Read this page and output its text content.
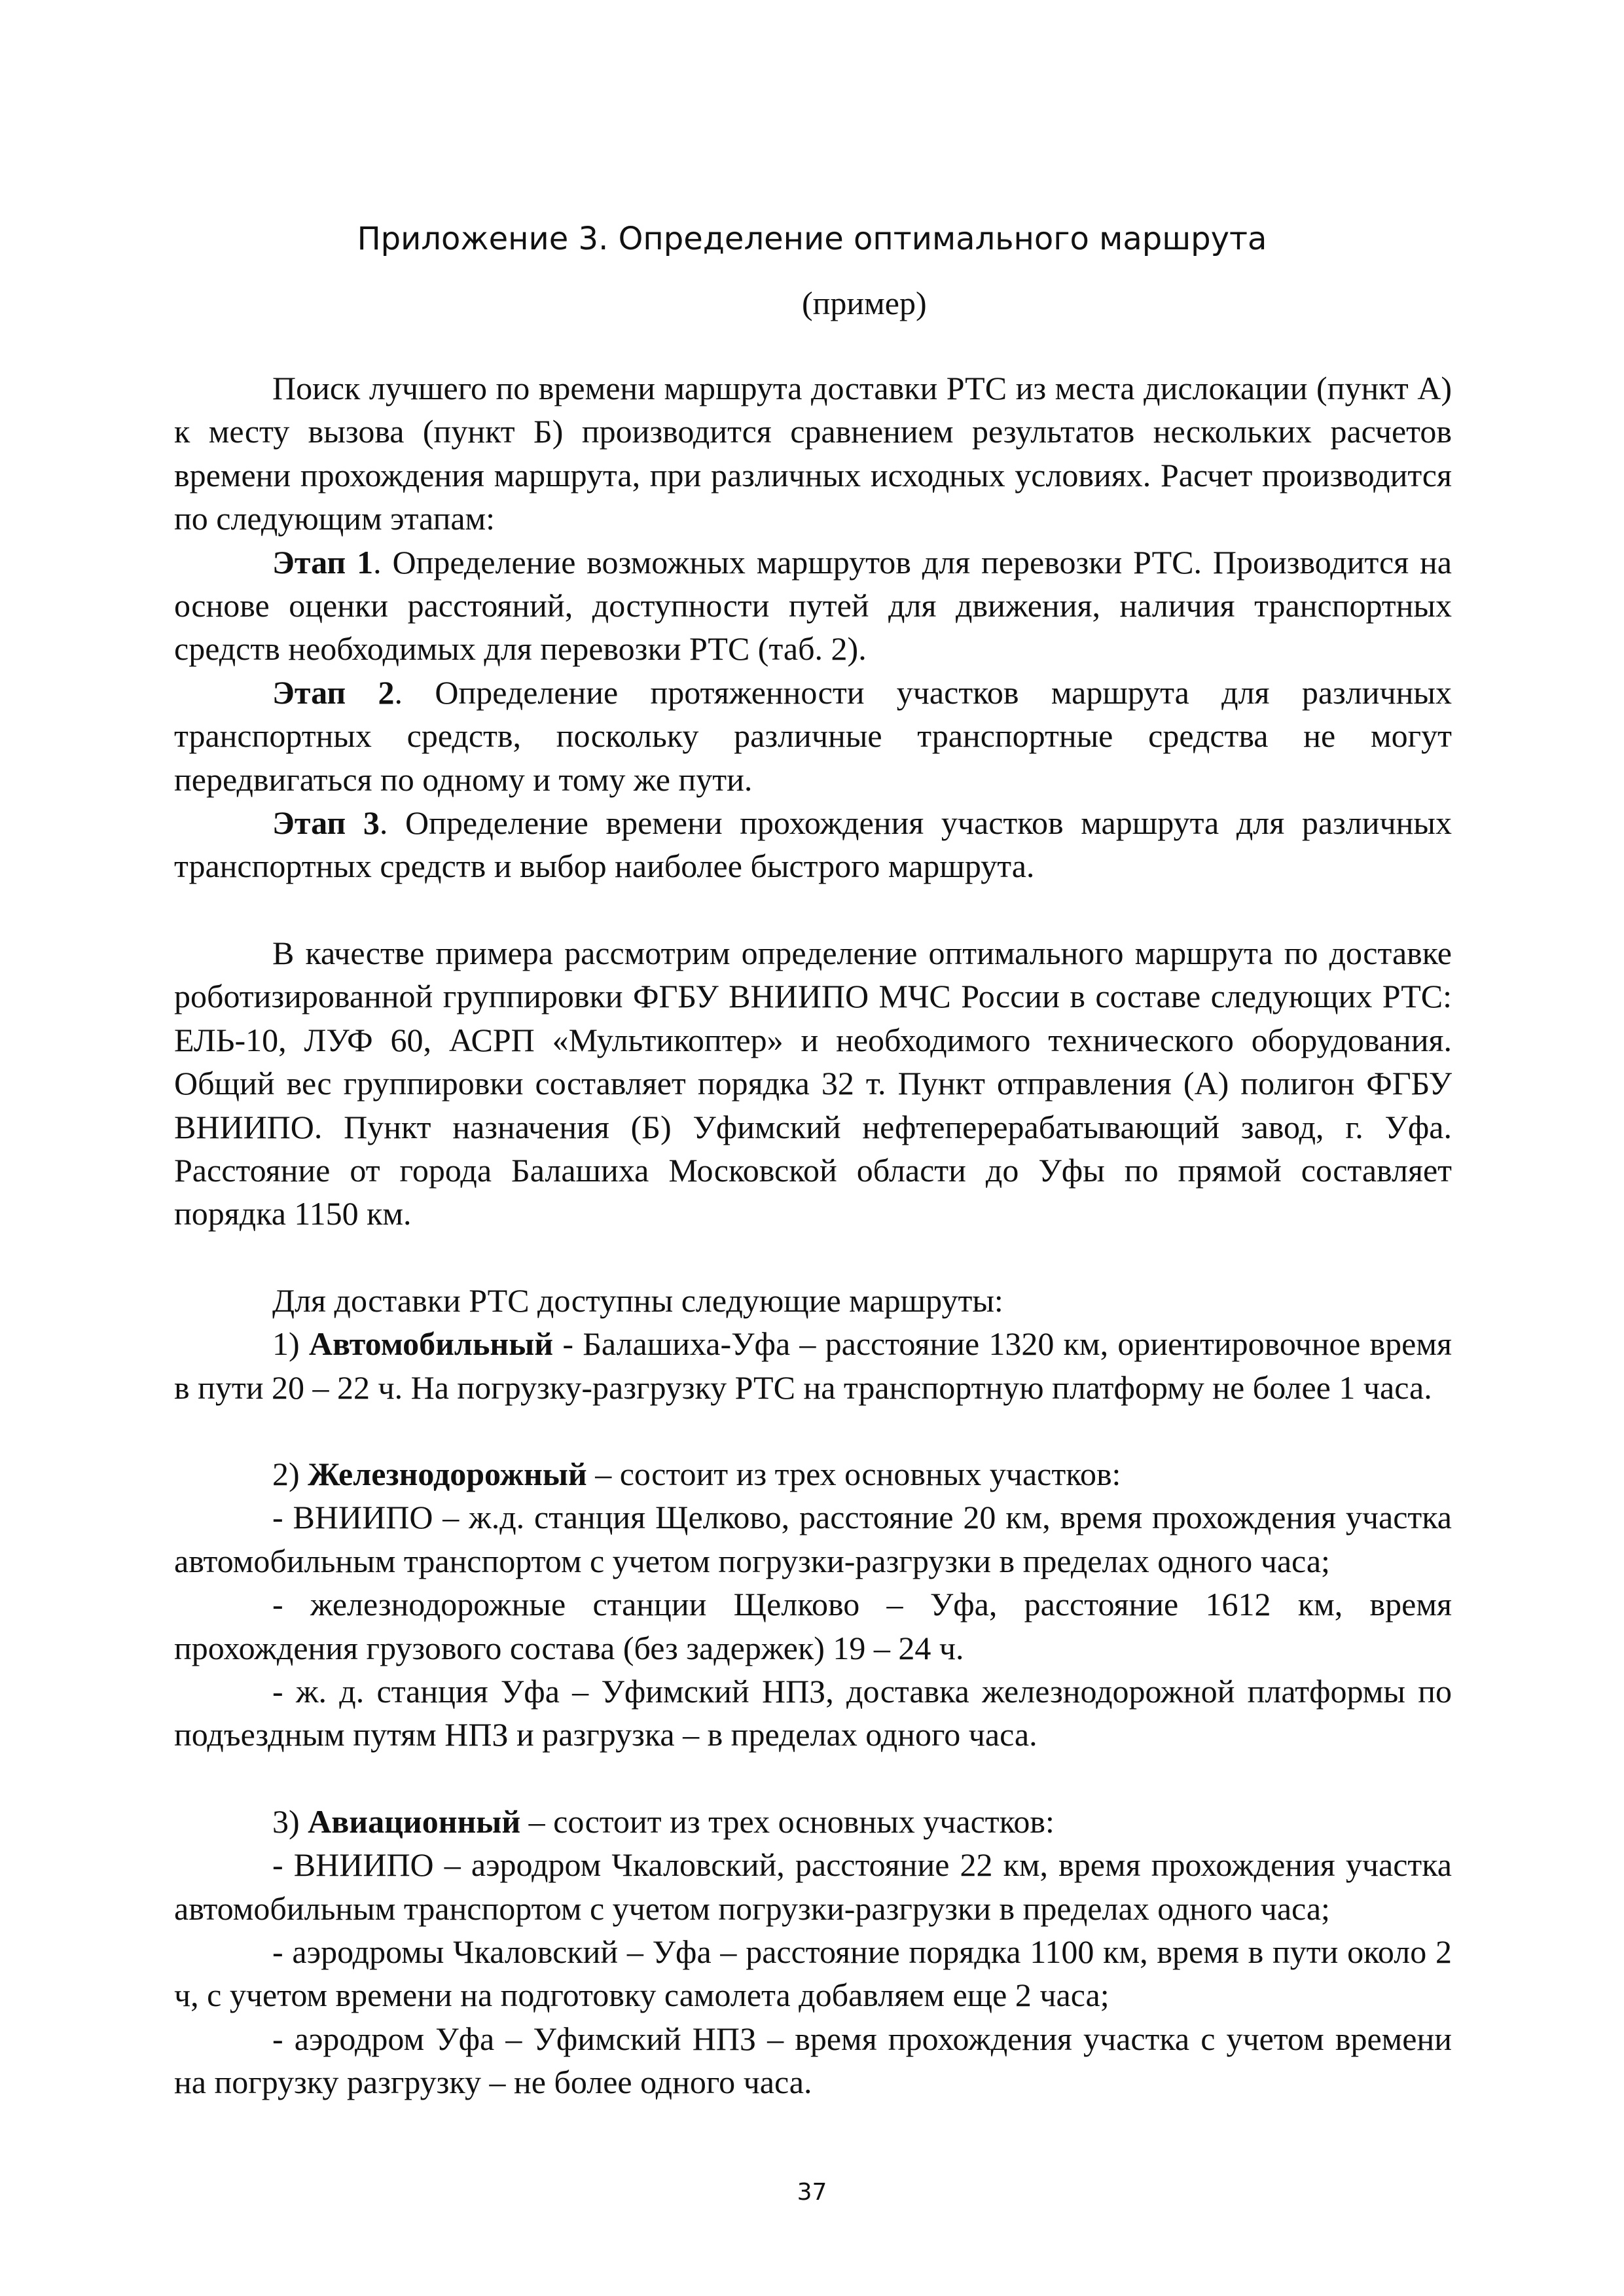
Приложение 3. Определение оптимального маршрута
(пример)

Поиск лучшего по времени маршрута доставки РТС из места дислокации (пункт А) к месту вызова (пункт Б) производится сравнением результатов нескольких расчетов времени прохождения маршрута, при различных исходных условиях. Расчет производится по следующим этапам:

Этап 1. Определение возможных маршрутов для перевозки РТС. Производится на основе оценки расстояний, доступности путей для движения, наличия транспортных средств необходимых для перевозки РТС (таб. 2).

Этап 2. Определение протяженности участков маршрута для различных транспортных средств, поскольку различные транспортные средства не могут передвигаться по одному и тому же пути.

Этап 3. Определение времени прохождения участков маршрута для различных транспортных средств и выбор наиболее быстрого маршрута.

В качестве примера рассмотрим определение оптимального маршрута по доставке роботизированной группировки ФГБУ ВНИИПО МЧС России в составе следующих РТС: ЕЛЬ-10, ЛУФ 60, АСРП «Мультикоптер» и необходимого технического оборудования. Общий вес группировки составляет порядка 32 т. Пункт отправления (А) полигон ФГБУ ВНИИПО. Пункт назначения (Б) Уфимский нефтеперерабатывающий завод, г. Уфа. Расстояние от города Балашиха Московской области до Уфы по прямой составляет порядка 1150 км.

Для доставки РТС доступны следующие маршруты:

1) Автомобильный - Балашиха-Уфа – расстояние 1320 км, ориентировочное время в пути 20 – 22 ч. На погрузку-разгрузку РТС на транспортную платформу не более 1 часа.

2) Железнодорожный – состоит из трех основных участков:

- ВНИИПО – ж.д. станция Щелково, расстояние 20 км, время прохождения участка автомобильным транспортом с учетом погрузки-разгрузки в пределах одного часа;

- железнодорожные станции Щелково – Уфа, расстояние 1612 км, время прохождения грузового состава (без задержек) 19 – 24 ч.

- ж. д. станция Уфа – Уфимский НПЗ, доставка железнодорожной платформы по подъездным путям НПЗ и разгрузка – в пределах одного часа.

3) Авиационный – состоит из трех основных участков:

- ВНИИПО – аэродром Чкаловский, расстояние 22 км, время прохождения участка автомобильным транспортом с учетом погрузки-разгрузки в пределах одного часа;

- аэродромы Чкаловский – Уфа – расстояние порядка 1100 км, время в пути около 2 ч, с учетом времени на подготовку самолета добавляем еще 2 часа;

- аэродром Уфа – Уфимский НПЗ – время прохождения участка с учетом времени на погрузку разгрузку – не более одного часа.

37
